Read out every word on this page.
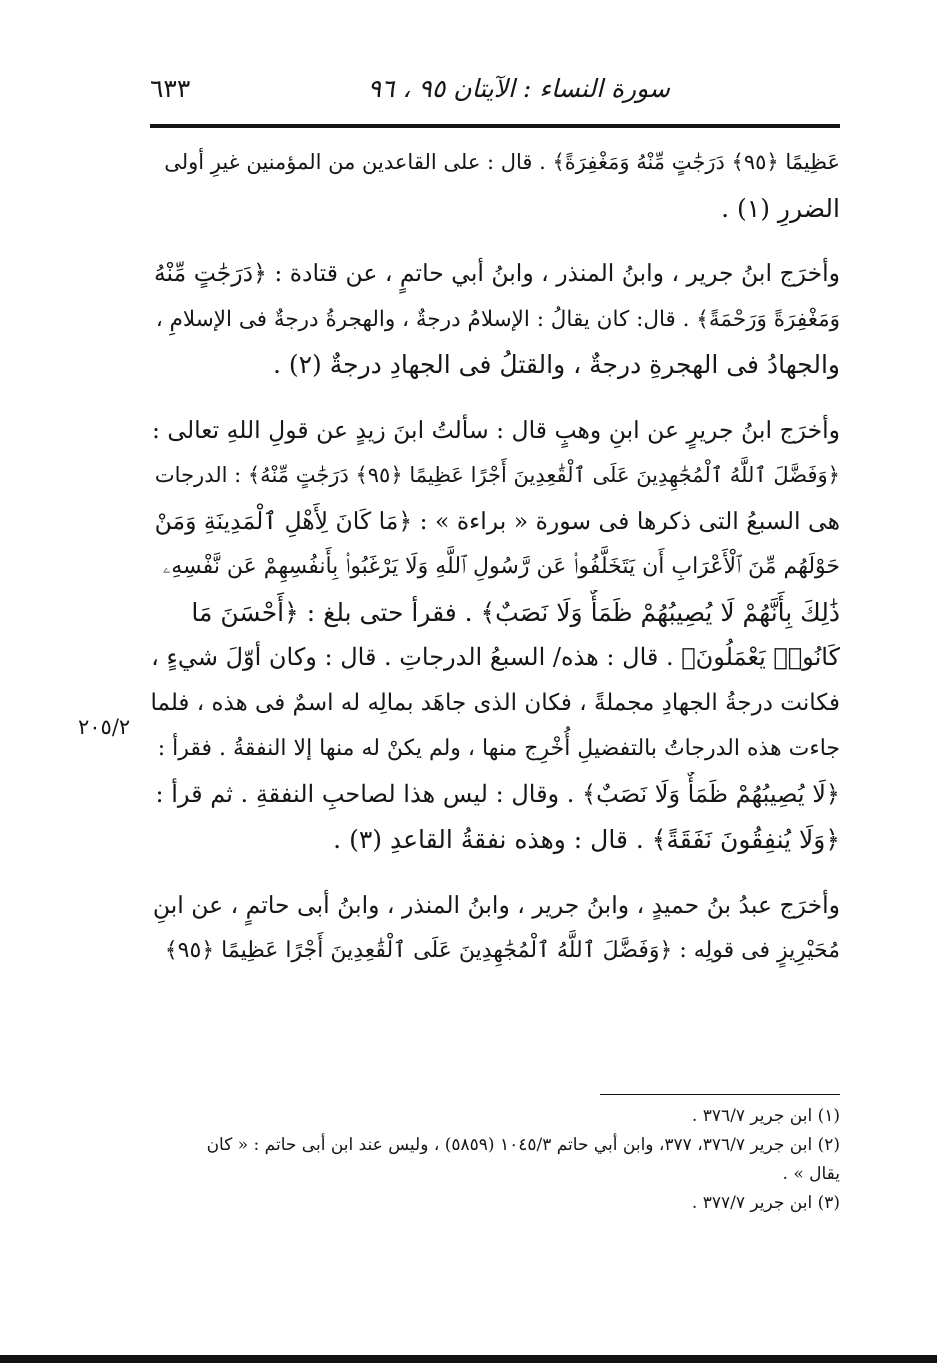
سورة النساء : الآيتان ٩٥ ، ٩٦
٦٣٣

عَظِيمًا ﴿٩٥﴾ دَرَجَٰتٍ مِّنْهُ وَمَغْفِرَةً﴾ . قال : على القاعدين من المؤمنين غيرِ أولى
الضررِ (١) .

وأخرَج ابنُ جرير ، وابنُ المنذر ، وابنُ أبي حاتمٍ ، عن قتادة : ﴿دَرَجَٰتٍ مِّنْهُ
وَمَغْفِرَةً وَرَحْمَةً﴾ . قال: كان يقالُ : الإسلامُ درجةٌ ، والهجرةُ درجةٌ فى الإسلامِ ،
والجهادُ فى الهجرةِ درجةٌ ، والقتلُ فى الجهادِ درجةٌ (٢) .

وأخرَج ابنُ جريرٍ عن ابنِ وهبٍ قال : سألتُ ابنَ زيدٍ عن قولِ اللهِ تعالى :
﴿وَفَضَّلَ ٱللَّهُ ٱلْمُجَٰهِدِينَ عَلَى ٱلْقَٰعِدِينَ أَجْرًا عَظِيمًا ﴿٩٥﴾ دَرَجَٰتٍ مِّنْهُ﴾ : الدرجات
هى السبعُ التى ذكرها فى سورة « براءة » : ﴿مَا كَانَ لِأَهْلِ ٱلْمَدِينَةِ وَمَنْ
حَوْلَهُم مِّنَ ٱلْأَعْرَابِ أَن يَتَخَلَّفُوا۟ عَن رَّسُولِ ٱللَّهِ وَلَا يَرْغَبُوا۟ بِأَنفُسِهِمْ عَن نَّفْسِهِۦ
ذَٰلِكَ بِأَنَّهُمْ لَا يُصِيبُهُمْ ظَمَأٌ وَلَا نَصَبٌ﴾ . فقرأ حتى بلغ : ﴿أَحْسَنَ مَا
كَانُوا۟ يَعْمَلُونَ﴾ . قال : هذه/ السبعُ الدرجاتِ . قال : وكان أوّلَ شيءٍ ،
فكانت درجةُ الجهادِ مجملةً ، فكان الذى جاهَد بمالِه له اسمٌ فى هذه ، فلما
جاءت هذه الدرجاتُ بالتفضيلِ أُخْرِج منها ، ولم يكنْ له منها إلا النفقةُ . فقرأ :
﴿لَا يُصِيبُهُمْ ظَمَأٌ وَلَا نَصَبٌ﴾ . وقال : ليس هذا لصاحبِ النفقةِ . ثم قرأ :
﴿وَلَا يُنفِقُونَ نَفَقَةً﴾ . قال : وهذه نفقةُ القاعدِ (٣) .

وأخرَج عبدُ بنُ حميدٍ ، وابنُ جرير ، وابنُ المنذر ، وابنُ أبى حاتمٍ ، عن ابنِ
مُحَيْرِيزٍ فى قولِه : ﴿وَفَضَّلَ ٱللَّهُ ٱلْمُجَٰهِدِينَ عَلَى ٱلْقَٰعِدِينَ أَجْرًا عَظِيمًا ﴿٩٥﴾

٢٠٥/٢
(١) ابن جرير ٣٧٦/٧ .
(٢) ابن جرير ٣٧٦/٧، ٣٧٧، وابن أبي حاتم ١٠٤٥/٣ (٥٨٥٩) ، وليس عند ابن أبى حاتم : « كان
يقال » .
(٣) ابن جرير ٣٧٧/٧ .
